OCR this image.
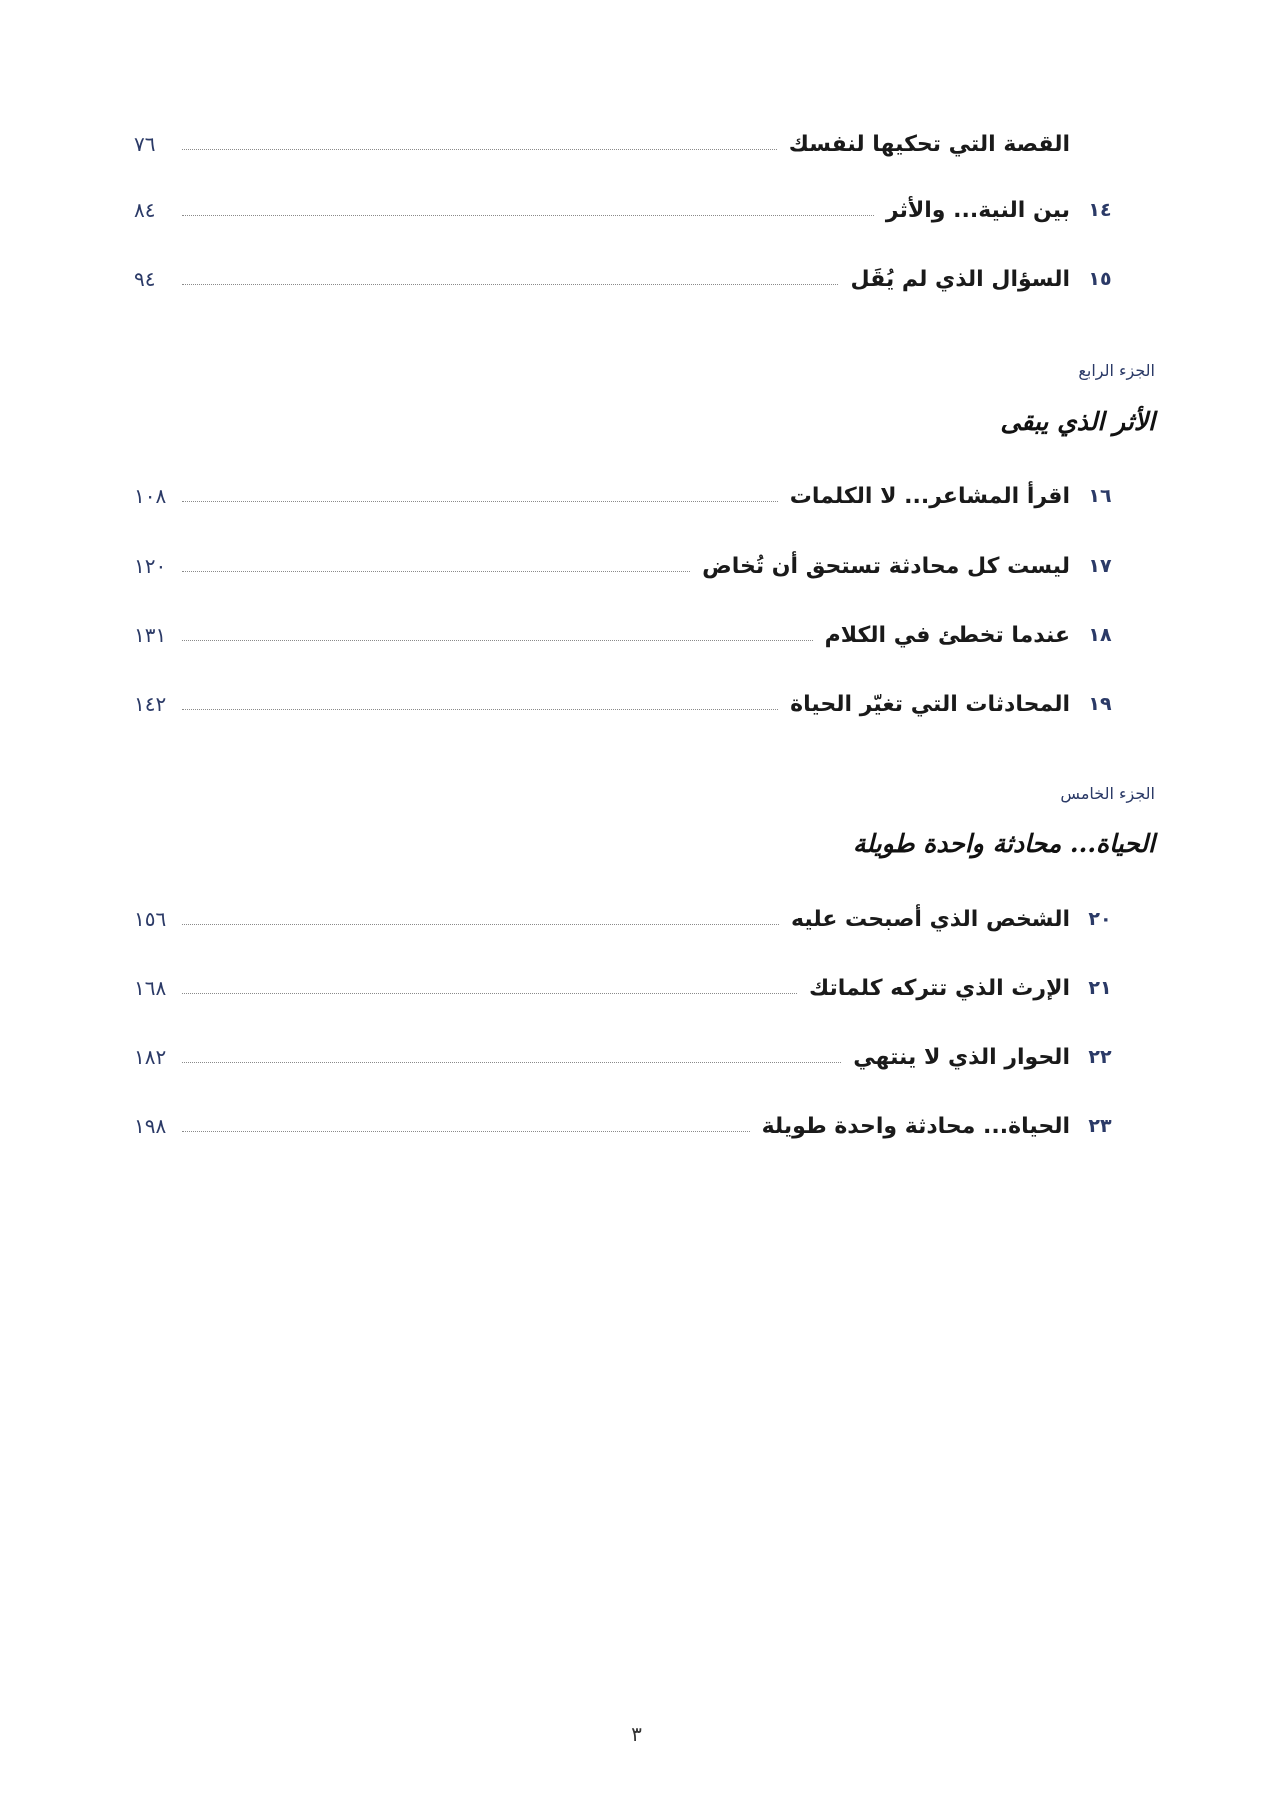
القصة التي تحكيها لنفسك
٧٦
١٤
بين النية... والأثر
٨٤
١٥
السؤال الذي لم يُقَل
٩٤
الجزء الرابع
الأثر الذي يبقى
١٦
اقرأ المشاعر... لا الكلمات
١٠٨
١٧
ليست كل محادثة تستحق أن تُخاض
١٢٠
١٨
عندما تخطئ في الكلام
١٣١
١٩
المحادثات التي تغيّر الحياة
١٤٢
الجزء الخامس
الحياة... محادثة واحدة طويلة
٢٠
الشخص الذي أصبحت عليه
١٥٦
٢١
الإرث الذي تتركه كلماتك
١٦٨
٢٢
الحوار الذي لا ينتهي
١٨٢
٢٣
الحياة... محادثة واحدة طويلة
١٩٨
٣
